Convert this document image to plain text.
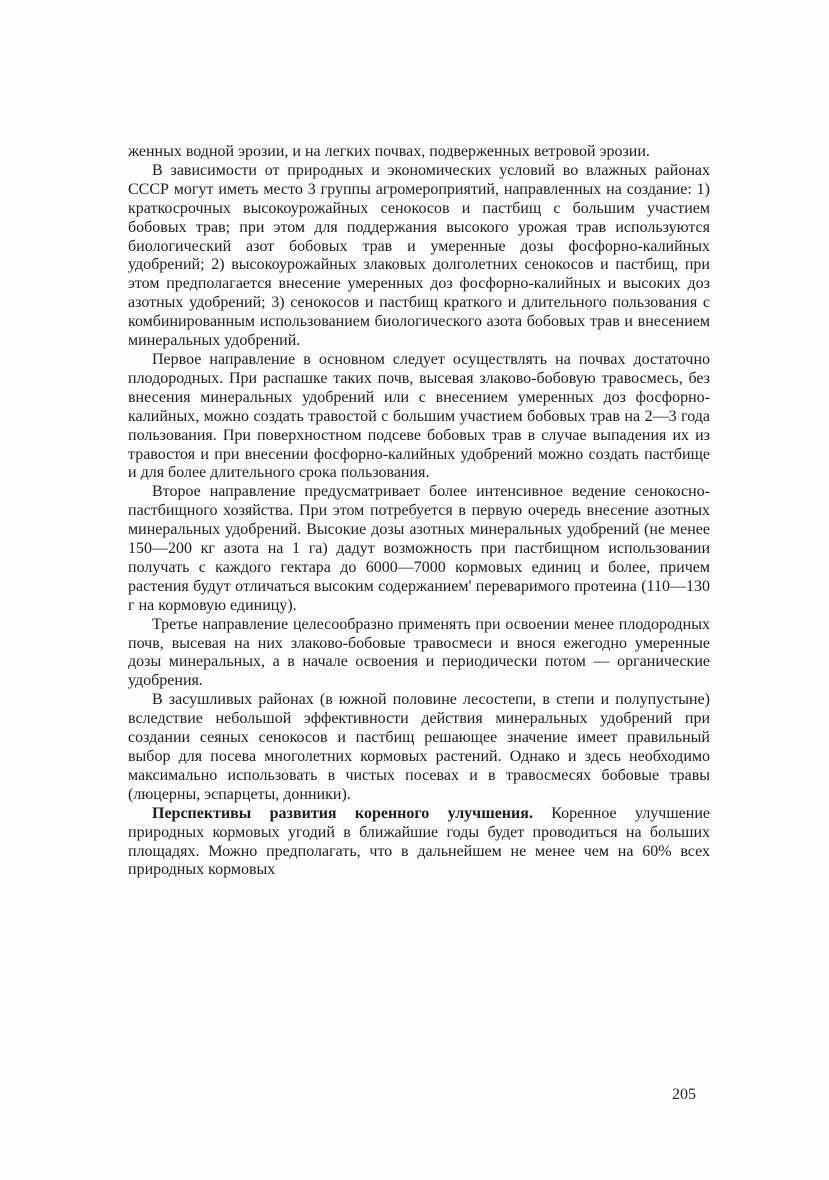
женных водной эрозии, и на легких почвах, подверженных ветровой эрозии.

В зависимости от природных и экономических условий во влажных районах СССР могут иметь место 3 группы агромероприятий, направленных на создание: 1) краткосрочных высокоурожайных сенокосов и пастбищ с большим участием бобовых трав; при этом для поддержания высокого урожая трав используются биологический азот бобовых трав и умеренные дозы фосфорно-калийных удобрений; 2) высокоурожайных злаковых долголетних сенокосов и пастбищ, при этом предполагается внесение умеренных доз фосфорно-калийных и высоких доз азотных удобрений; 3) сенокосов и пастбищ краткого и длительного пользования с комбинированным использованием биологического азота бобовых трав и внесением минеральных удобрений.

Первое направление в основном следует осуществлять на почвах достаточно плодородных. При распашке таких почв, высевая злаково-бобовую травосмесь, без внесения минеральных удобрений или с внесением умеренных доз фосфорно-калийных, можно создать травостой с большим участием бобовых трав на 2—3 года пользования. При поверхностном подсеве бобовых трав в случае выпадения их из травостоя и при внесении фосфорно-калийных удобрений можно создать пастбище и для более длительного срока пользования.

Второе направление предусматривает более интенсивное ведение сенокосно-пастбищного хозяйства. При этом потребуется в первую очередь внесение азотных минеральных удобрений. Высокие дозы азотных минеральных удобрений (не менее 150—200 кг азота на 1 га) дадут возможность при пастбищном использовании получать с каждого гектара до 6000—7000 кормовых единиц и более, причем растения будут отличаться высоким содержанием' переваримого протеина (110—130 г на кормовую единицу).

Третье направление целесообразно применять при освоении менее плодородных почв, высевая на них злаково-бобовые травосмеси и внося ежегодно умеренные дозы минеральных, а в начале освоения и периодически потом — органические удобрения.

В засушливых районах (в южной половине лесостепи, в степи и полупустыне) вследствие небольшой эффективности действия минеральных удобрений при создании сеяных сенокосов и пастбищ решающее значение имеет правильный выбор для посева многолетних кормовых растений. Однако и здесь необходимо максимально использовать в чистых посевах и в травосмесях бобовые травы (люцерны, эспарцеты, донники).

Перспективы развития коренного улучшения. Коренное улучшение природных кормовых угодий в ближайшие годы будет проводиться на больших площадях. Можно предполагать, что в дальнейшем не менее чем на 60% всех природных кормовых

205
